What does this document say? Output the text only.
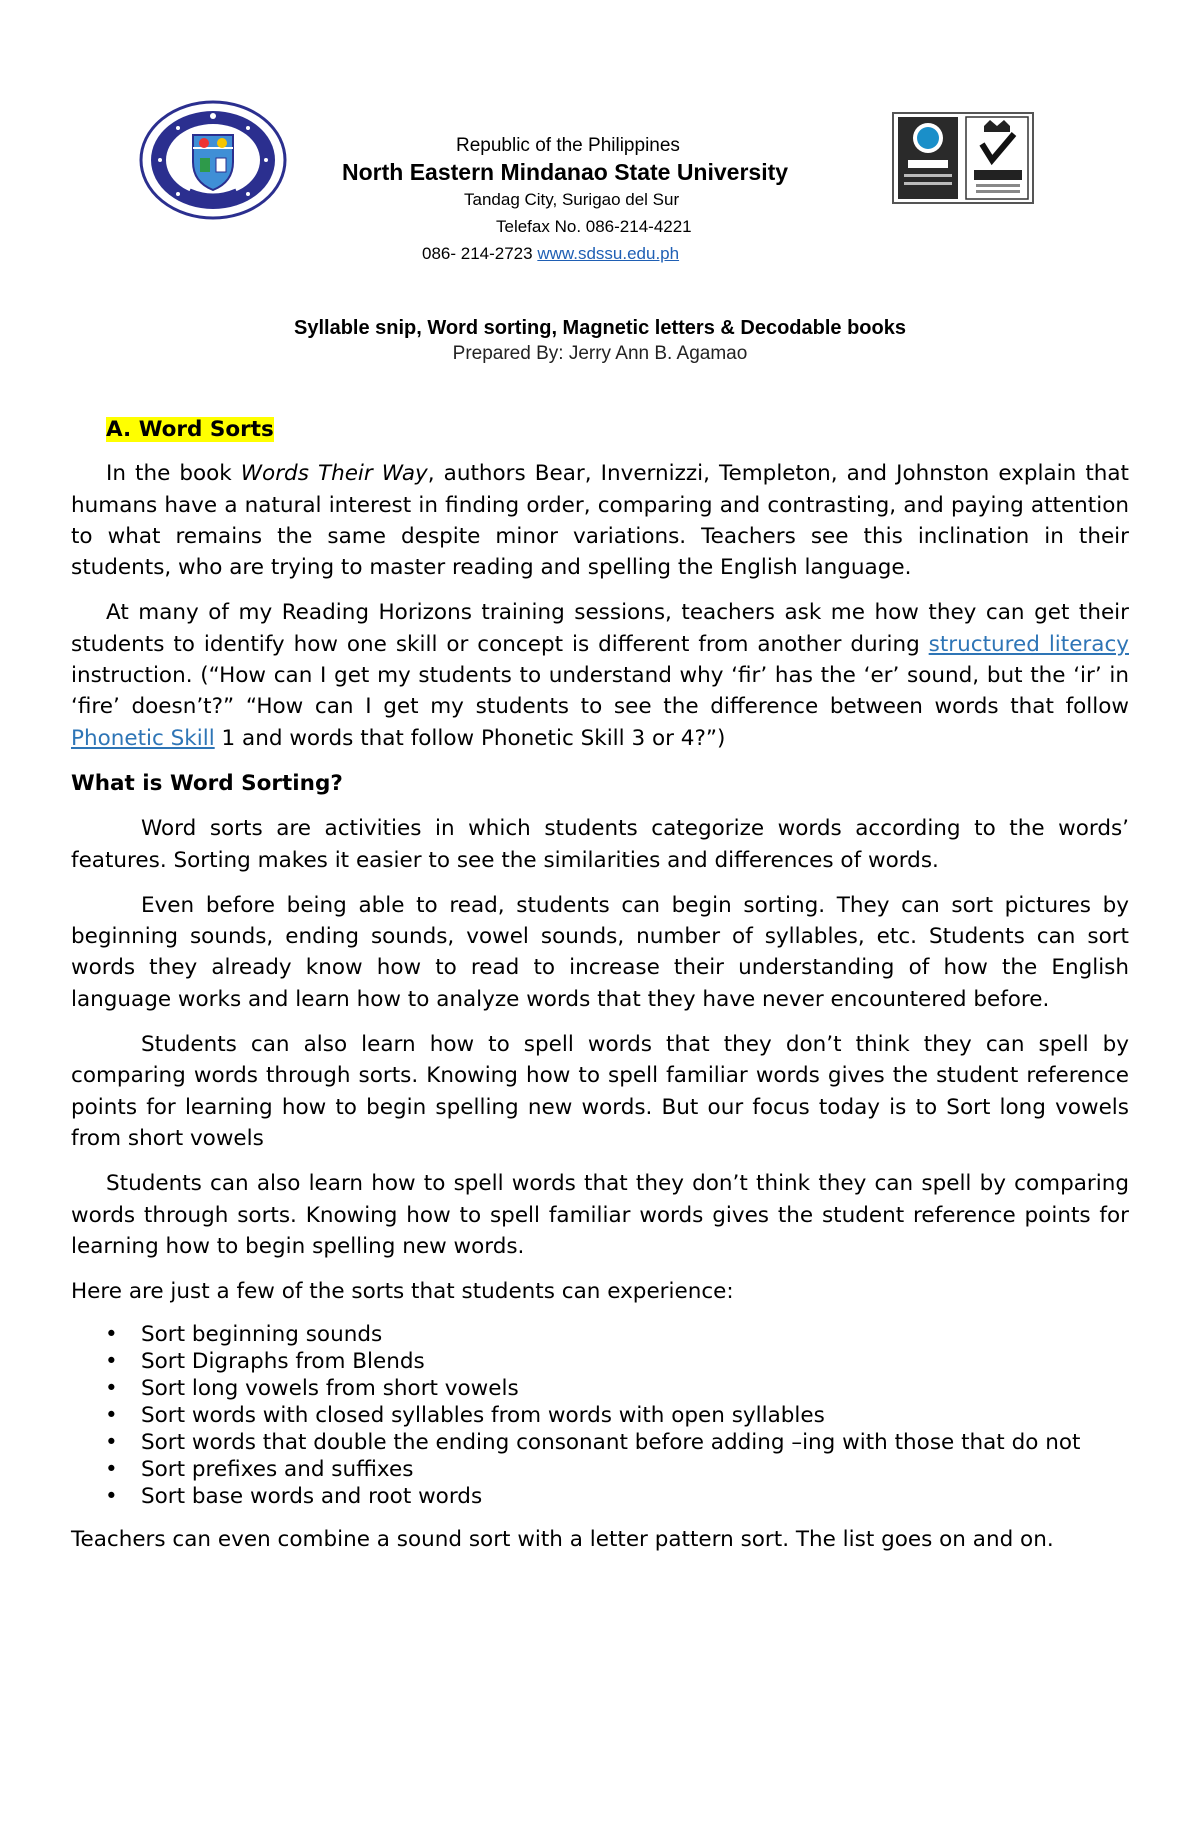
Republic of the Philippines
North Eastern Mindanao State University
Tandag City, Surigao del Sur
Telefax No. 086-214-4221
086- 214-2723 www.sdssu.edu.ph
Syllable snip, Word sorting, Magnetic letters & Decodable books
Prepared By: Jerry Ann B. Agamao
A. Word Sorts

In the book Words Their Way, authors Bear, Invernizzi, Templeton, and Johnston explain that humans have a natural interest in finding order, comparing and contrasting, and paying attention to what remains the same despite minor variations. Teachers see this inclination in their students, who are trying to master reading and spelling the English language.

At many of my Reading Horizons training sessions, teachers ask me how they can get their students to identify how one skill or concept is different from another during structured literacy instruction. (“How can I get my students to understand why ‘fir’ has the ‘er’ sound, but the ‘ir’ in ‘fire’ doesn’t?” “How can I get my students to see the difference between words that follow Phonetic Skill 1 and words that follow Phonetic Skill 3 or 4?”)

What is Word Sorting?

Word sorts are activities in which students categorize words according to the words’ features. Sorting makes it easier to see the similarities and differences of words.

Even before being able to read, students can begin sorting. They can sort pictures by beginning sounds, ending sounds, vowel sounds, number of syllables, etc. Students can sort words they already know how to read to increase their understanding of how the English language works and learn how to analyze words that they have never encountered before.

Students can also learn how to spell words that they don’t think they can spell by comparing words through sorts. Knowing how to spell familiar words gives the student reference points for learning how to begin spelling new words. But our focus today is to Sort long vowels from short vowels

Students can also learn how to spell words that they don’t think they can spell by comparing words through sorts. Knowing how to spell familiar words gives the student reference points for learning how to begin spelling new words.

Here are just a few of the sorts that students can experience:

• Sort beginning sounds
• Sort Digraphs from Blends
• Sort long vowels from short vowels
• Sort words with closed syllables from words with open syllables
• Sort words that double the ending consonant before adding –ing with those that do not
• Sort prefixes and suffixes
• Sort base words and root words

Teachers can even combine a sound sort with a letter pattern sort. The list goes on and on.
